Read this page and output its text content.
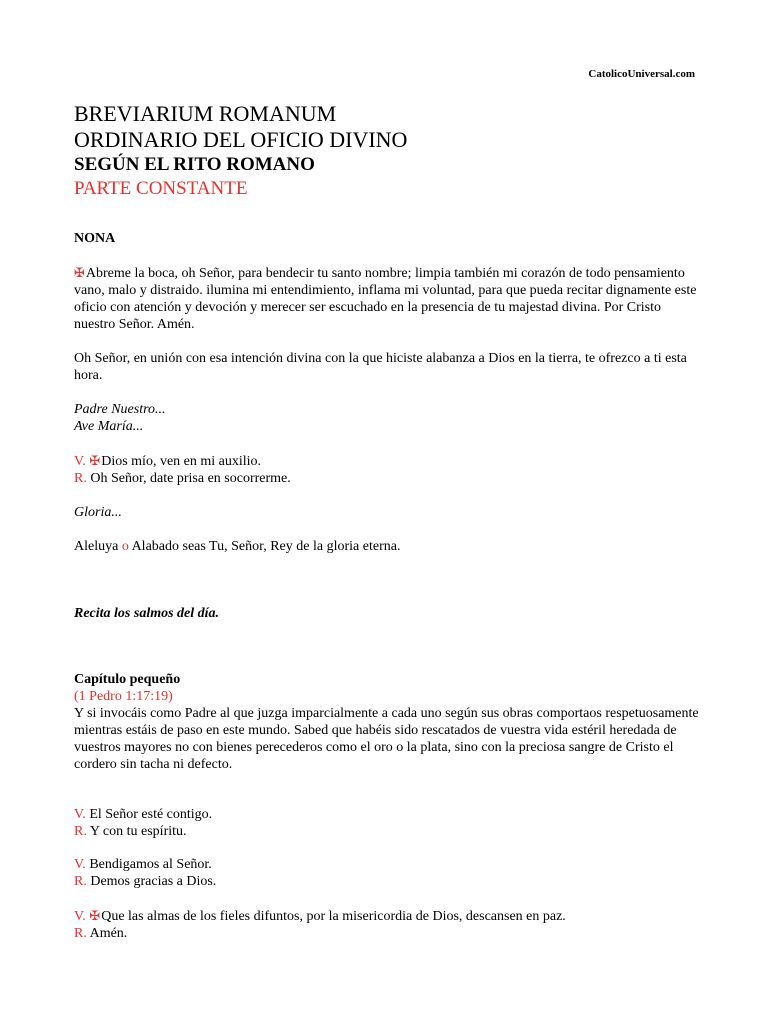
CatolicoUniversal.com
BREVIARIUM ROMANUM
ORDINARIO DEL OFICIO DIVINO
SEGÚN EL RITO ROMANO
PARTE CONSTANTE
NONA
✠Abreme la boca, oh Señor, para bendecir tu santo nombre; limpia también mi corazón de todo pensamiento vano, malo y distraido. ilumina mi entendimiento, inflama mi voluntad, para que pueda recitar dignamente este oficio con atención y devoción y merecer ser escuchado en la presencia de tu majestad divina. Por Cristo nuestro Señor. Amén.
Oh Señor, en unión con esa intención divina con la que hiciste alabanza a Dios en la tierra, te ofrezco a ti esta hora.
Padre Nuestro...
Ave María...
V. ✠Dios mío, ven en mi auxilio.
R. Oh Señor, date prisa en socorrerme.
Gloria...
Aleluya o Alabado seas Tu, Señor, Rey de la gloria eterna.
Recita los salmos del día.
Capítulo pequeño
(1 Pedro 1:17:19)
Y si invocáis como Padre al que juzga imparcialmente a cada uno según sus obras comportaos respetuosamente mientras estáis de paso en este mundo. Sabed que habéis sido rescatados de vuestra vida estéril heredada de vuestros mayores no con bienes perecederos como el oro o la plata, sino con la preciosa sangre de Cristo el cordero sin tacha ni defecto.
V. El Señor esté contigo.
R. Y con tu espíritu.
V. Bendigamos al Señor.
R. Demos gracias a Dios.
V. ✠Que las almas de los fieles difuntos, por la misericordia de Dios, descansen en paz.
R. Amén.
